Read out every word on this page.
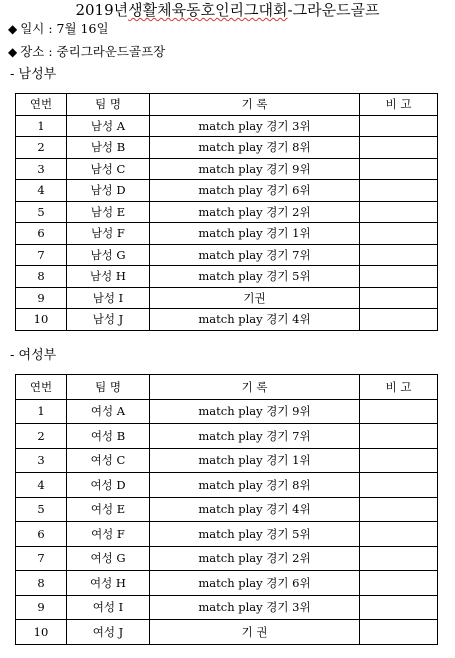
2019년생활체육동호인리그대회-그라운드골프
◆ 일시 : 7월 16일
◆ 장소 : 중리그라운드골프장
- 남성부
연번	팀 명	기 록	비 고
1	남성 A	match play 경기 3위	
2	남성 B	match play 경기 8위	
3	남성 C	match play 경기 9위	
4	남성 D	match play 경기 6위	
5	남성 E	match play 경기 2위	
6	남성 F	match play 경기 1위	
7	남성 G	match play 경기 7위	
8	남성 H	match play 경기 5위	
9	남성 I	기권	
10	남성 J	match play 경기 4위	
- 여성부
연번	팀 명	기 록	비 고
1	여성 A	match play 경기 9위	
2	여성 B	match play 경기 7위	
3	여성 C	match play 경기 1위	
4	여성 D	match play 경기 8위	
5	여성 E	match play 경기 4위	
6	여성 F	match play 경기 5위	
7	여성 G	match play 경기 2위	
8	여성 H	match play 경기 6위	
9	여성 I	match play 경기 3위	
10	여성 J	기 권	
